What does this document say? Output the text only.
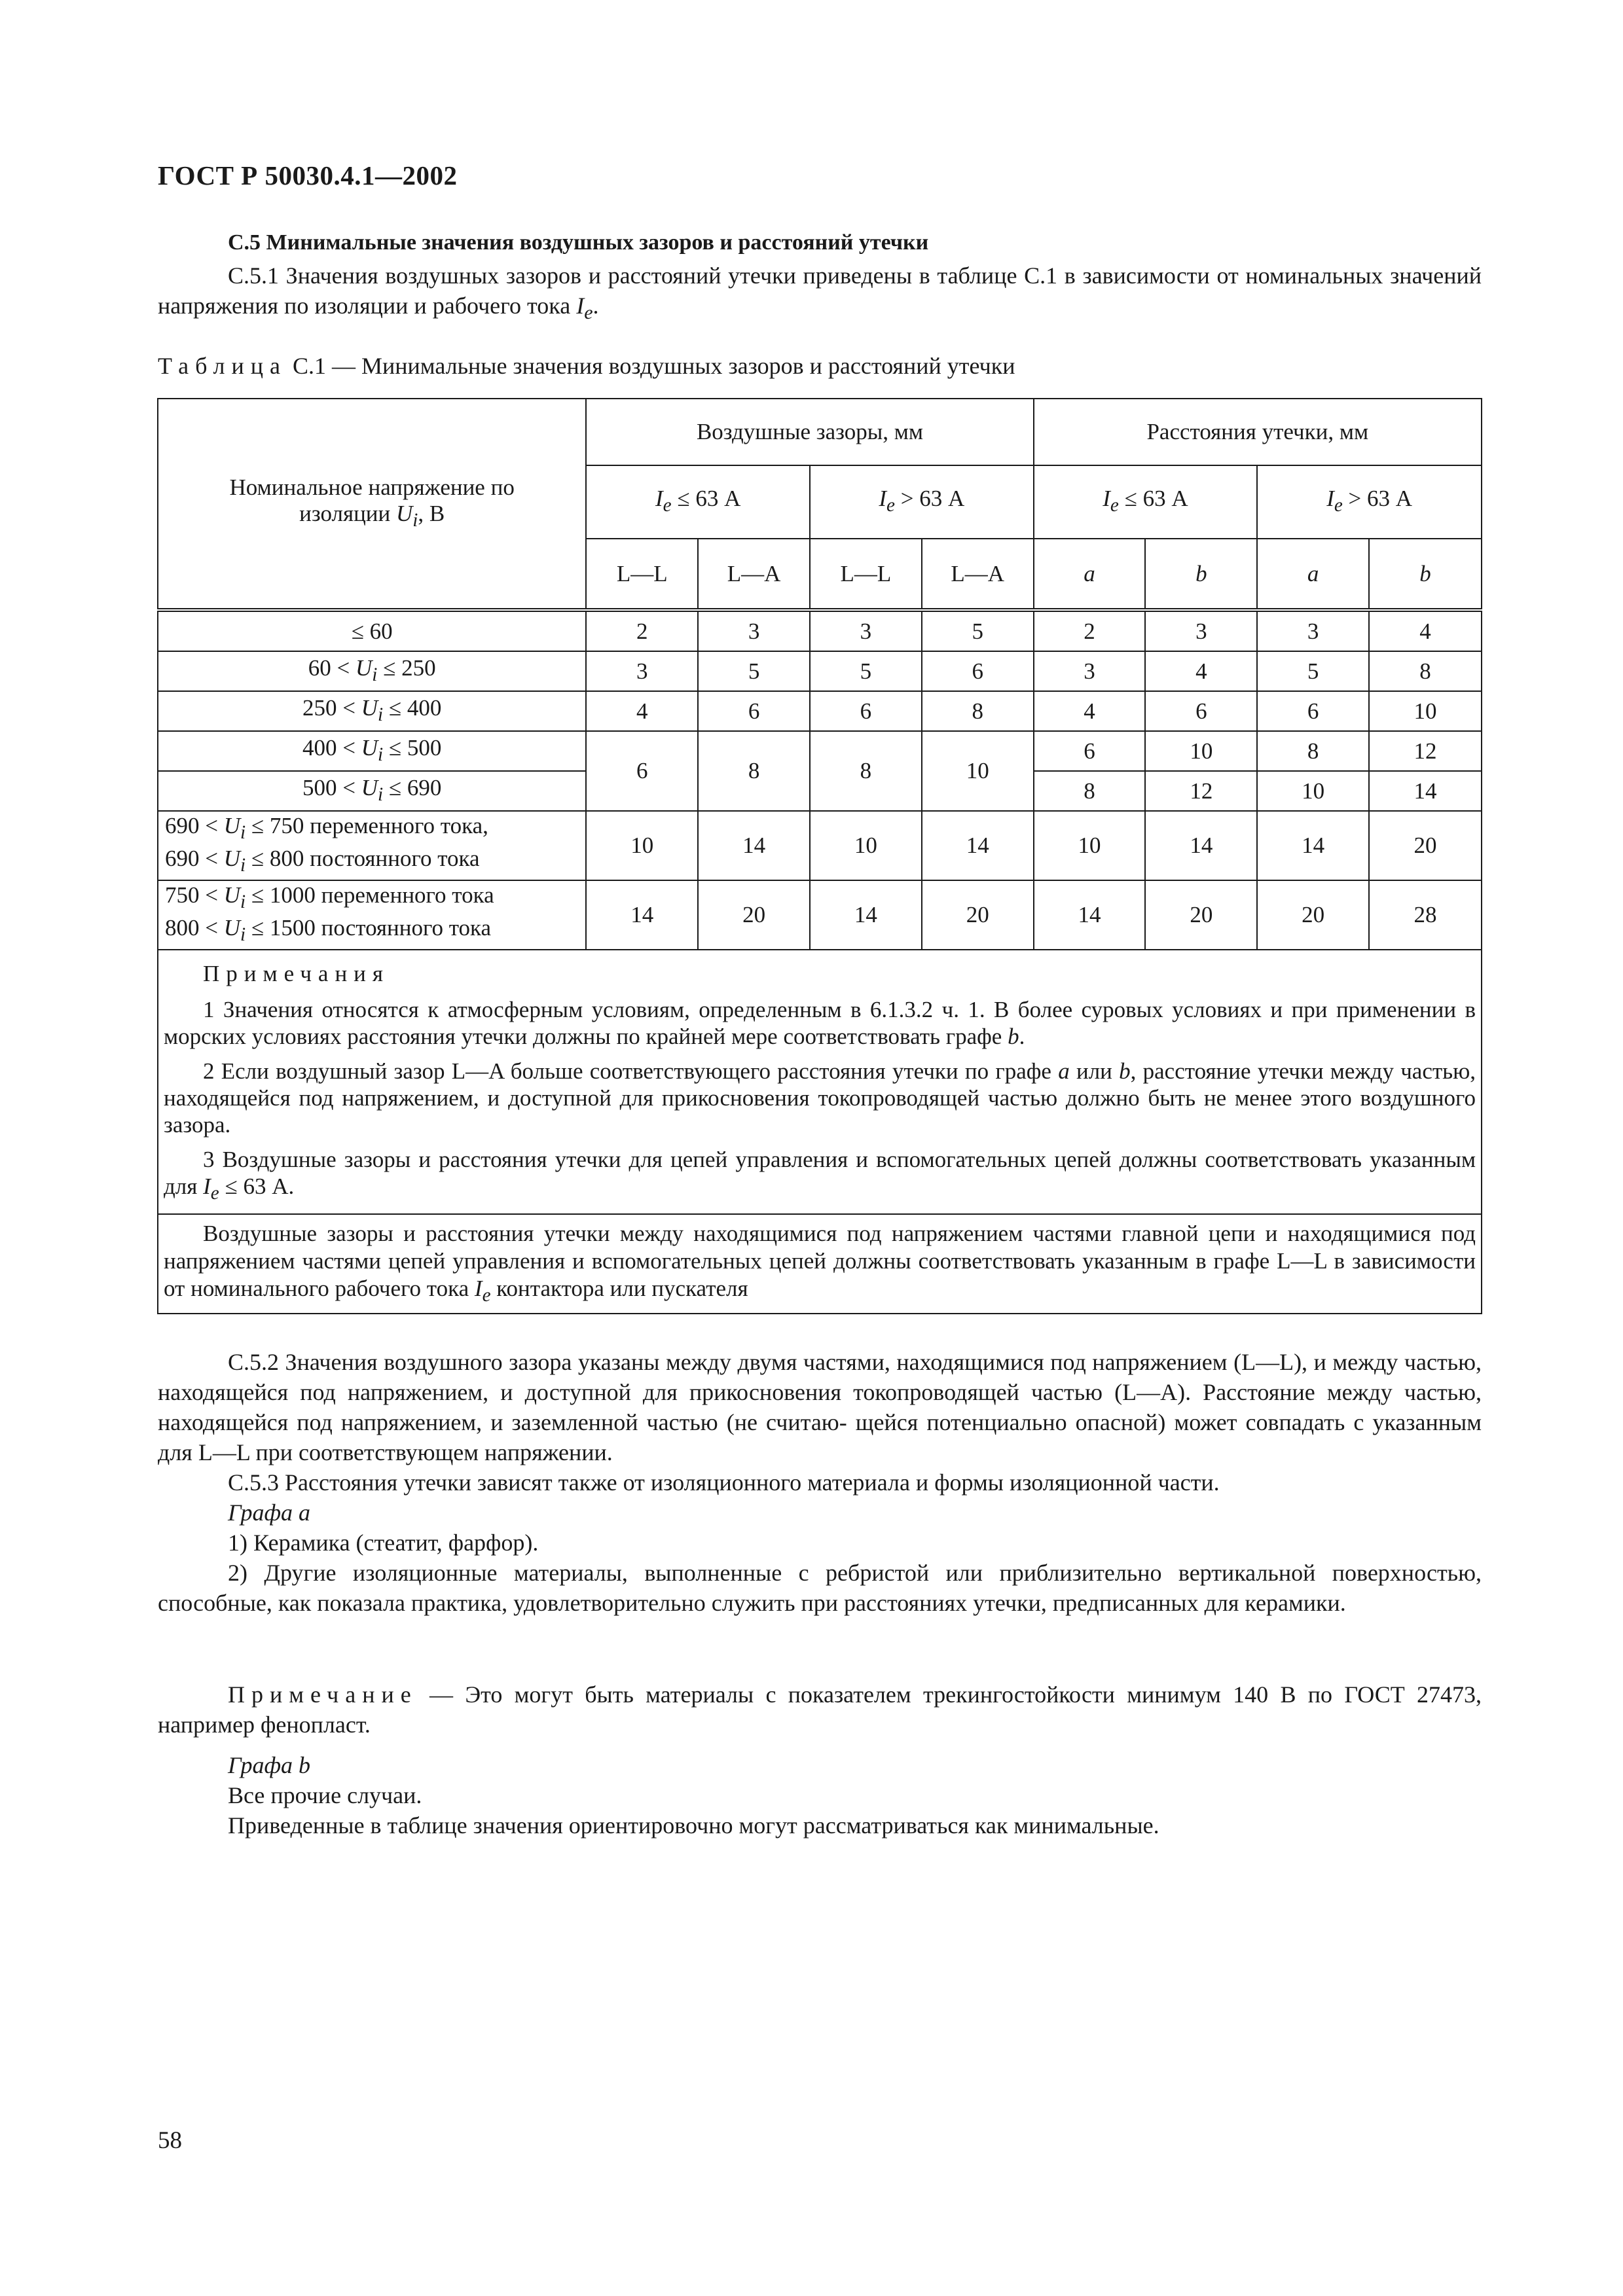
ГОСТ Р 50030.4.1—2002
С.5 Минимальные значения воздушных зазоров и расстояний утечки
С.5.1 Значения воздушных зазоров и расстояний утечки приведены в таблице С.1 в зависимости от номинальных значений напряжения по изоляции и рабочего тока $I_e$.
Таблица С.1 — Минимальные значения воздушных зазоров и расстояний утечки
Номинальное напряжение по
изоляции $U_i$, В	Воздушные зазоры, мм				Расстояния утечки, мм			
	$I_e \le 63$ А		$I_e > 63$ А		$I_e \le 63$ А		$I_e > 63$ А	
	L—L	L—A	L—L	L—A	a	b	a	b
≤ 60	2	3	3	5	2	3	3	4
$60 < U_i \le 250$	3	5	5	6	3	4	5	8
$250 < U_i \le 400$	4	6	6	8	4	6	6	10
$400 < U_i \le 500$	6	8	8	10	6	10	8	12
$500 < U_i \le 690$					8	12	10	14
$690 < U_i \le 750$ переменного тока,
$690 < U_i \le 800$ постоянного тока	10	14	10	14	10	14	14	20
$750 < U_i \le 1000$ переменного тока
$800 < U_i \le 1500$ постоянного тока	14	20	14	20	14	20	20	28

Примечания

1 Значения относятся к атмосферным условиям, определенным в 6.1.3.2 ч. 1. В более суровых условиях и при применении в морских условиях расстояния утечки должны по крайней мере соответствовать графе b.

2 Если воздушный зазор L—A больше соответствующего расстояния утечки по графе a или b, расстояние утечки между частью, находящейся под напряжением, и доступной для прикосновения токопроводящей частью должно быть не менее этого воздушного зазора.

3 Воздушные зазоры и расстояния утечки для цепей управления и вспомогательных цепей должны соответствовать указанным для $I_e \le 63$ А.								

Воздушные зазоры и расстояния утечки между находящимися под напряжением частями главной цепи и находящимися под напряжением частями цепей управления и вспомогательных цепей должны соответствовать указанным в графе L—L в зависимости от номинального рабочего тока $I_e$ контактора или пускателя								
С.5.2 Значения воздушного зазора указаны между двумя частями, находящимися под напряжением (L—L), и между частью, находящейся под напряжением, и доступной для прикосновения токопроводящей частью (L—A). Расстояние между частью, находящейся под напряжением, и заземленной частью (не считаю- щейся потенциально опасной) может совпадать с указанным для L—L при соответствующем напряжении.
С.5.3 Расстояния утечки зависят также от изоляционного материала и формы изоляционной части.
Графа a
1) Керамика (стеатит, фарфор).
2) Другие изоляционные материалы, выполненные с ребристой или приблизительно вертикальной поверхностью, способные, как показала практика, удовлетворительно служить при расстояниях утечки, предписанных для керамики.
Примечание — Это могут быть материалы с показателем трекингостойкости минимум 140 В по ГОСТ 27473, например фенопласт.
Графа b
Все прочие случаи.
Приведенные в таблице значения ориентировочно могут рассматриваться как минимальные.
58
